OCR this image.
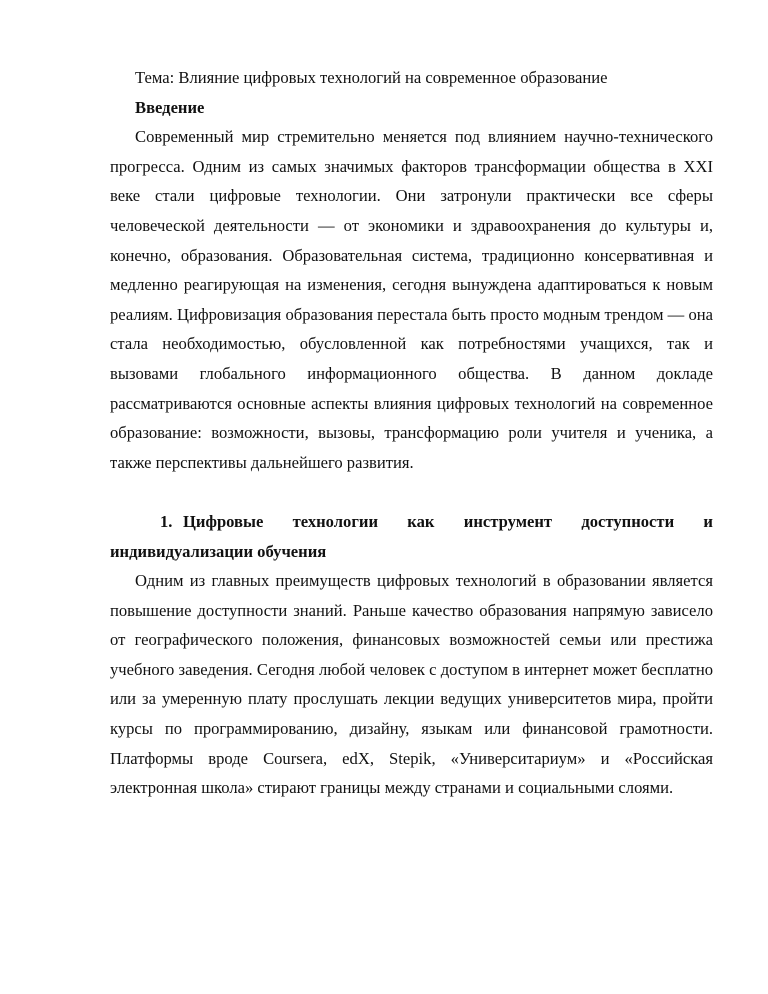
Тема: Влияние цифровых технологий на современное образование

Введение

Современный мир стремительно меняется под влиянием научно-технического прогресса. Одним из самых значимых факторов трансформации общества в XXI веке стали цифровые технологии. Они затронули практически все сферы человеческой деятельности — от экономики и здравоохранения до культуры и, конечно, образования. Образовательная система, традиционно консервативная и медленно реагирующая на изменения, сегодня вынуждена адаптироваться к новым реалиям. Цифровизация образования перестала быть просто модным трендом — она стала необходимостью, обусловленной как потребностями учащихся, так и вызовами глобального информационного общества. В данном докладе рассматриваются основные аспекты влияния цифровых технологий на современное образование: возможности, вызовы, трансформацию роли учителя и ученика, а также перспективы дальнейшего развития.

1. Цифровые технологии как инструмент доступности и индивидуализации обучения

Одним из главных преимуществ цифровых технологий в образовании является повышение доступности знаний. Раньше качество образования напрямую зависело от географического положения, финансовых возможностей семьи или престижа учебного заведения. Сегодня любой человек с доступом в интернет может бесплатно или за умеренную плату прослушать лекции ведущих университетов мира, пройти курсы по программированию, дизайну, языкам или финансовой грамотности. Платформы вроде Coursera, edX, Stepik, «Университариум» и «Российская электронная школа» стирают границы между странами и социальными слоями.
